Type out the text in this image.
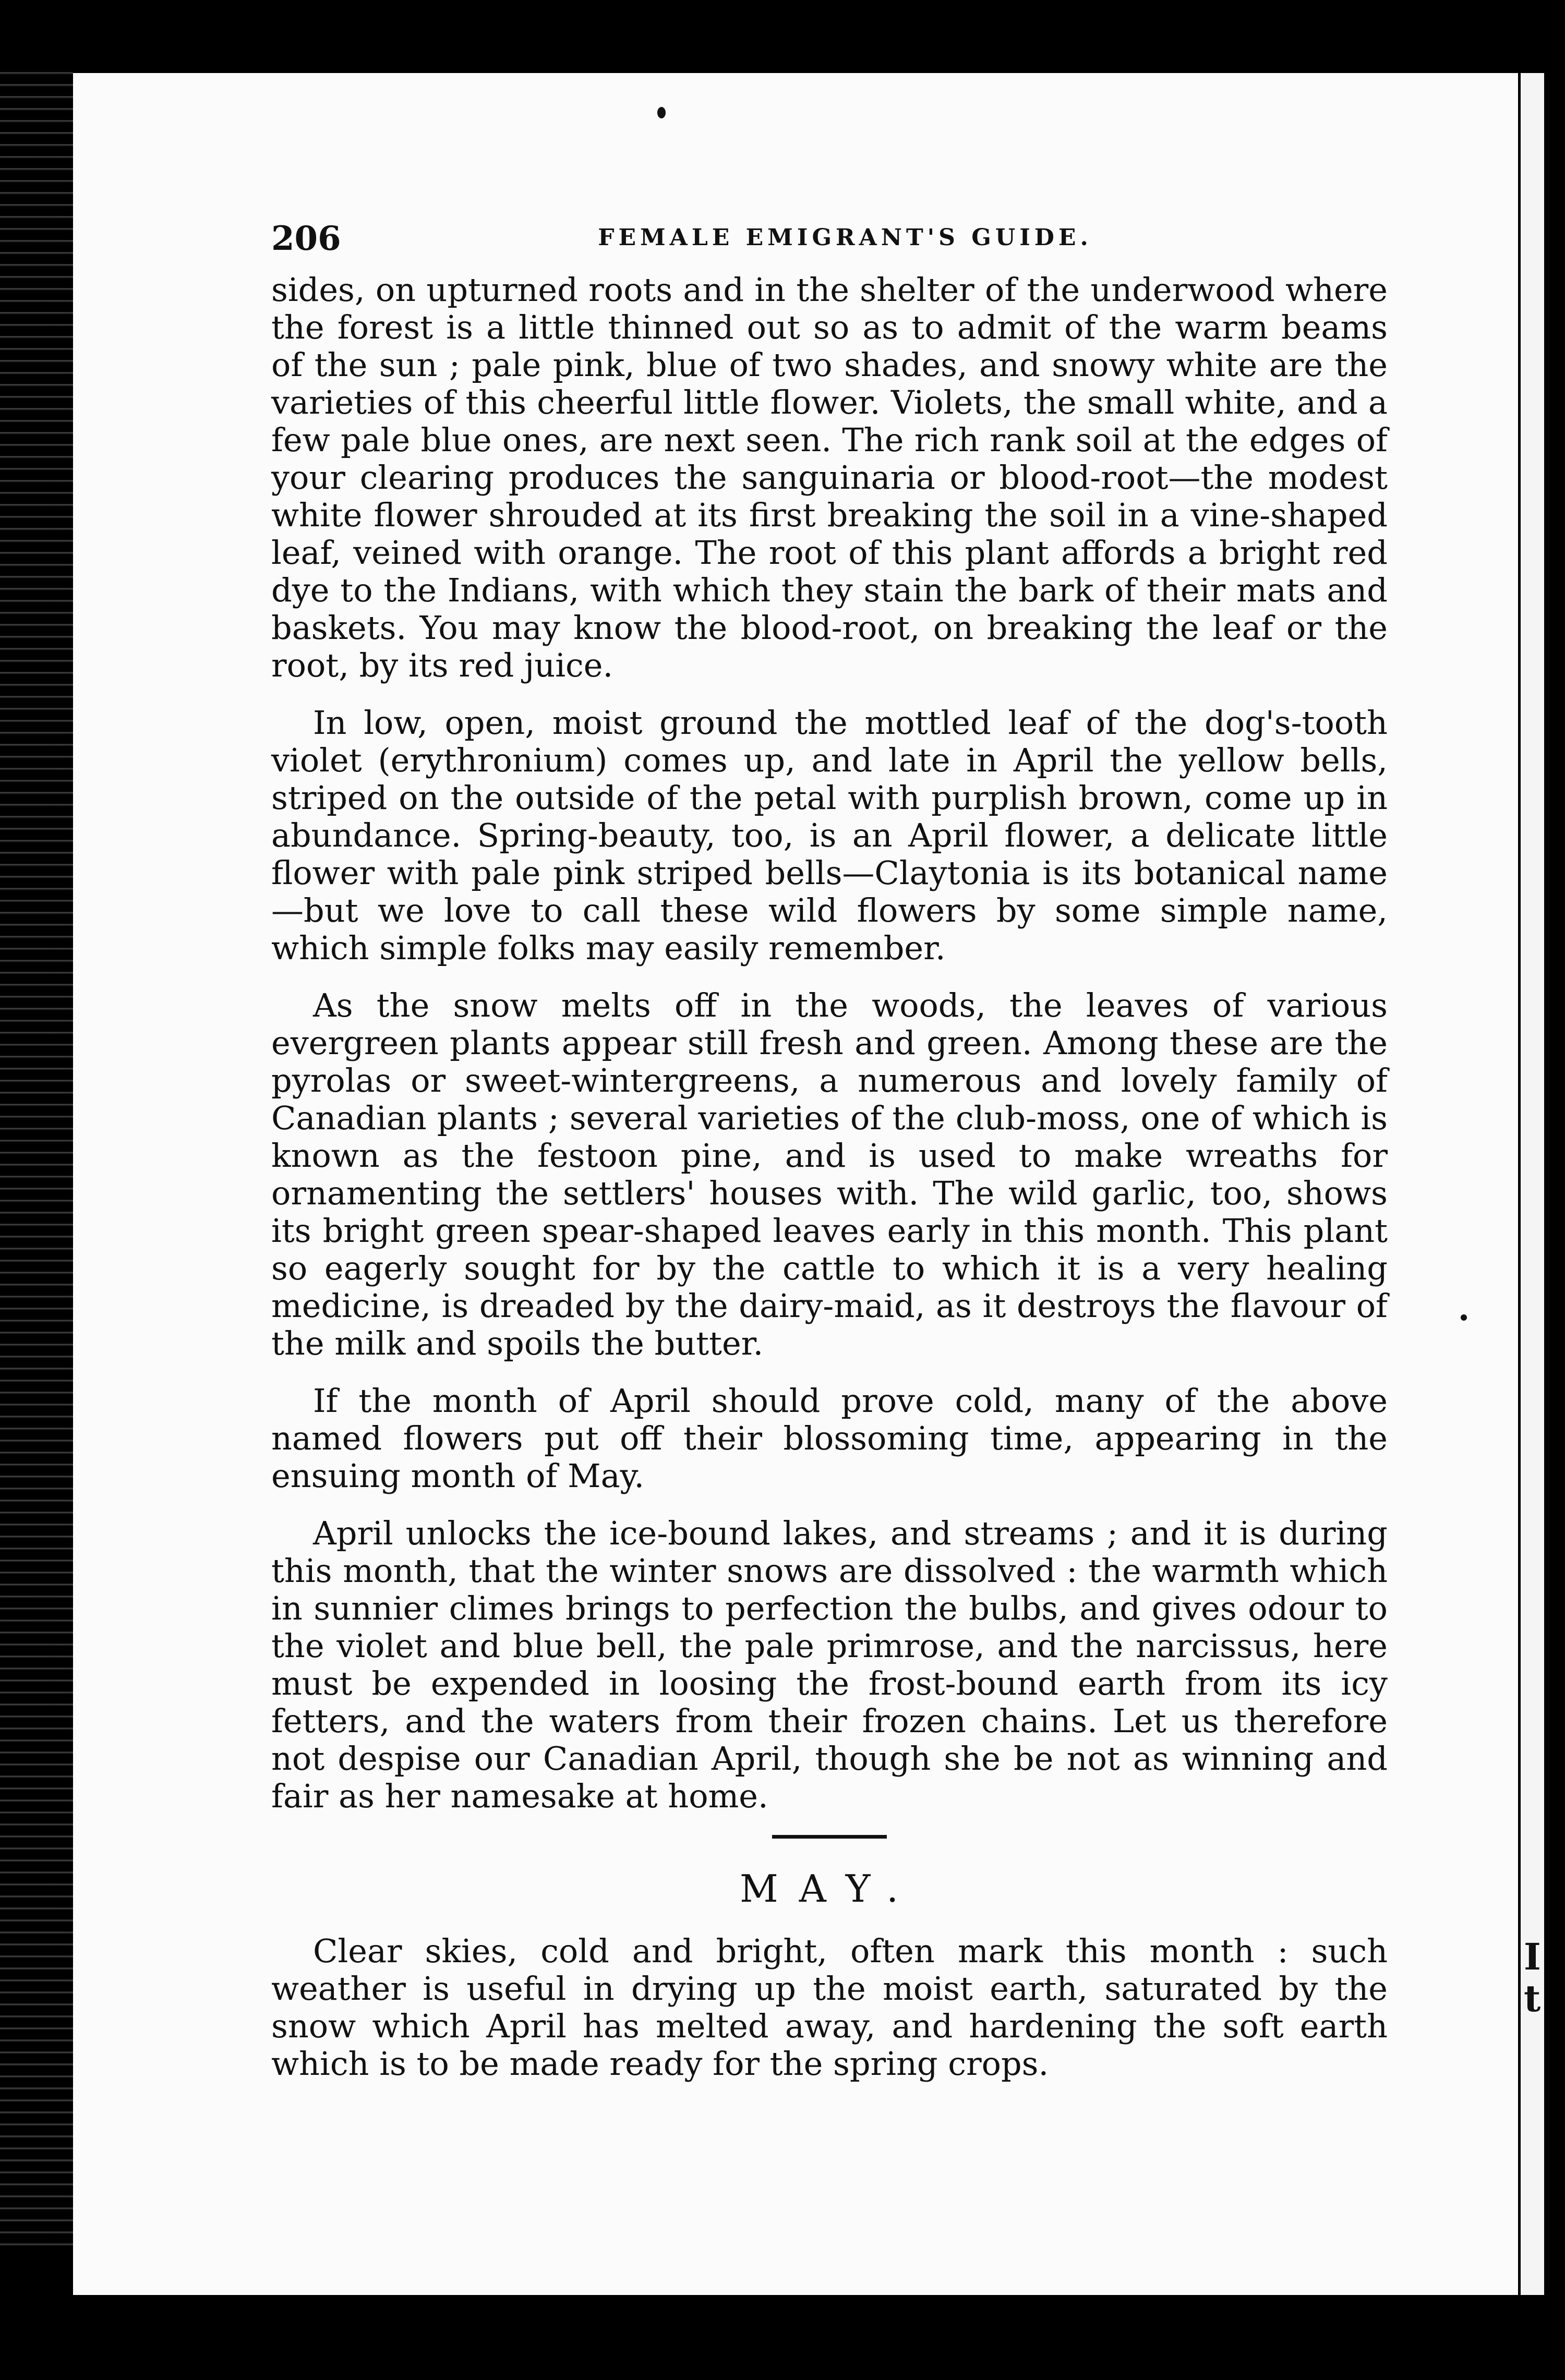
I
t
206	FEMALE EMIGRANT'S GUIDE.

sides, on upturned roots and in the shelter of the underwood where the forest is a little thinned out so as to admit of the warm beams of the sun ; pale pink, blue of two shades, and snowy white are the varieties of this cheerful little flower. Violets, the small white, and a few pale blue ones, are next seen. The rich rank soil at the edges of your clearing produces the sanguinaria or blood-root—the modest white flower shrouded at its first breaking the soil in a vine-shaped leaf, veined with orange. The root of this plant affords a bright red dye to the Indians, with which they stain the bark of their mats and baskets. You may know the blood-root, on breaking the leaf or the root, by its red juice.

In low, open, moist ground the mottled leaf of the dog's-tooth violet (erythronium) comes up, and late in April the yellow bells, striped on the outside of the petal with purplish brown, come up in abundance. Spring-beauty, too, is an April flower, a delicate little flower with pale pink striped bells—Claytonia is its botanical name—but we love to call these wild flowers by some simple name, which simple folks may easily remember.

As the snow melts off in the woods, the leaves of various evergreen plants appear still fresh and green. Among these are the pyrolas or sweet-wintergreens, a numerous and lovely family of Canadian plants ; several varieties of the club-moss, one of which is known as the festoon pine, and is used to make wreaths for ornamenting the settlers' houses with. The wild garlic, too, shows its bright green spear-shaped leaves early in this month. This plant so eagerly sought for by the cattle to which it is a very healing medicine, is dreaded by the dairy-maid, as it destroys the flavour of the milk and spoils the butter.

If the month of April should prove cold, many of the above named flowers put off their blossoming time, appearing in the ensuing month of May.

April unlocks the ice-bound lakes, and streams ; and it is during this month, that the winter snows are dissolved : the warmth which in sunnier climes brings to perfection the bulbs, and gives odour to the violet and blue bell, the pale primrose, and the narcissus, here must be expended in loosing the frost-bound earth from its icy fetters, and the waters from their frozen chains. Let us therefore not despise our Canadian April, though she be not as winning and fair as her namesake at home.

MAY.

Clear skies, cold and bright, often mark this month : such weather is useful in drying up the moist earth, saturated by the snow which April has melted away, and hardening the soft earth which is to be made ready for the spring crops.
